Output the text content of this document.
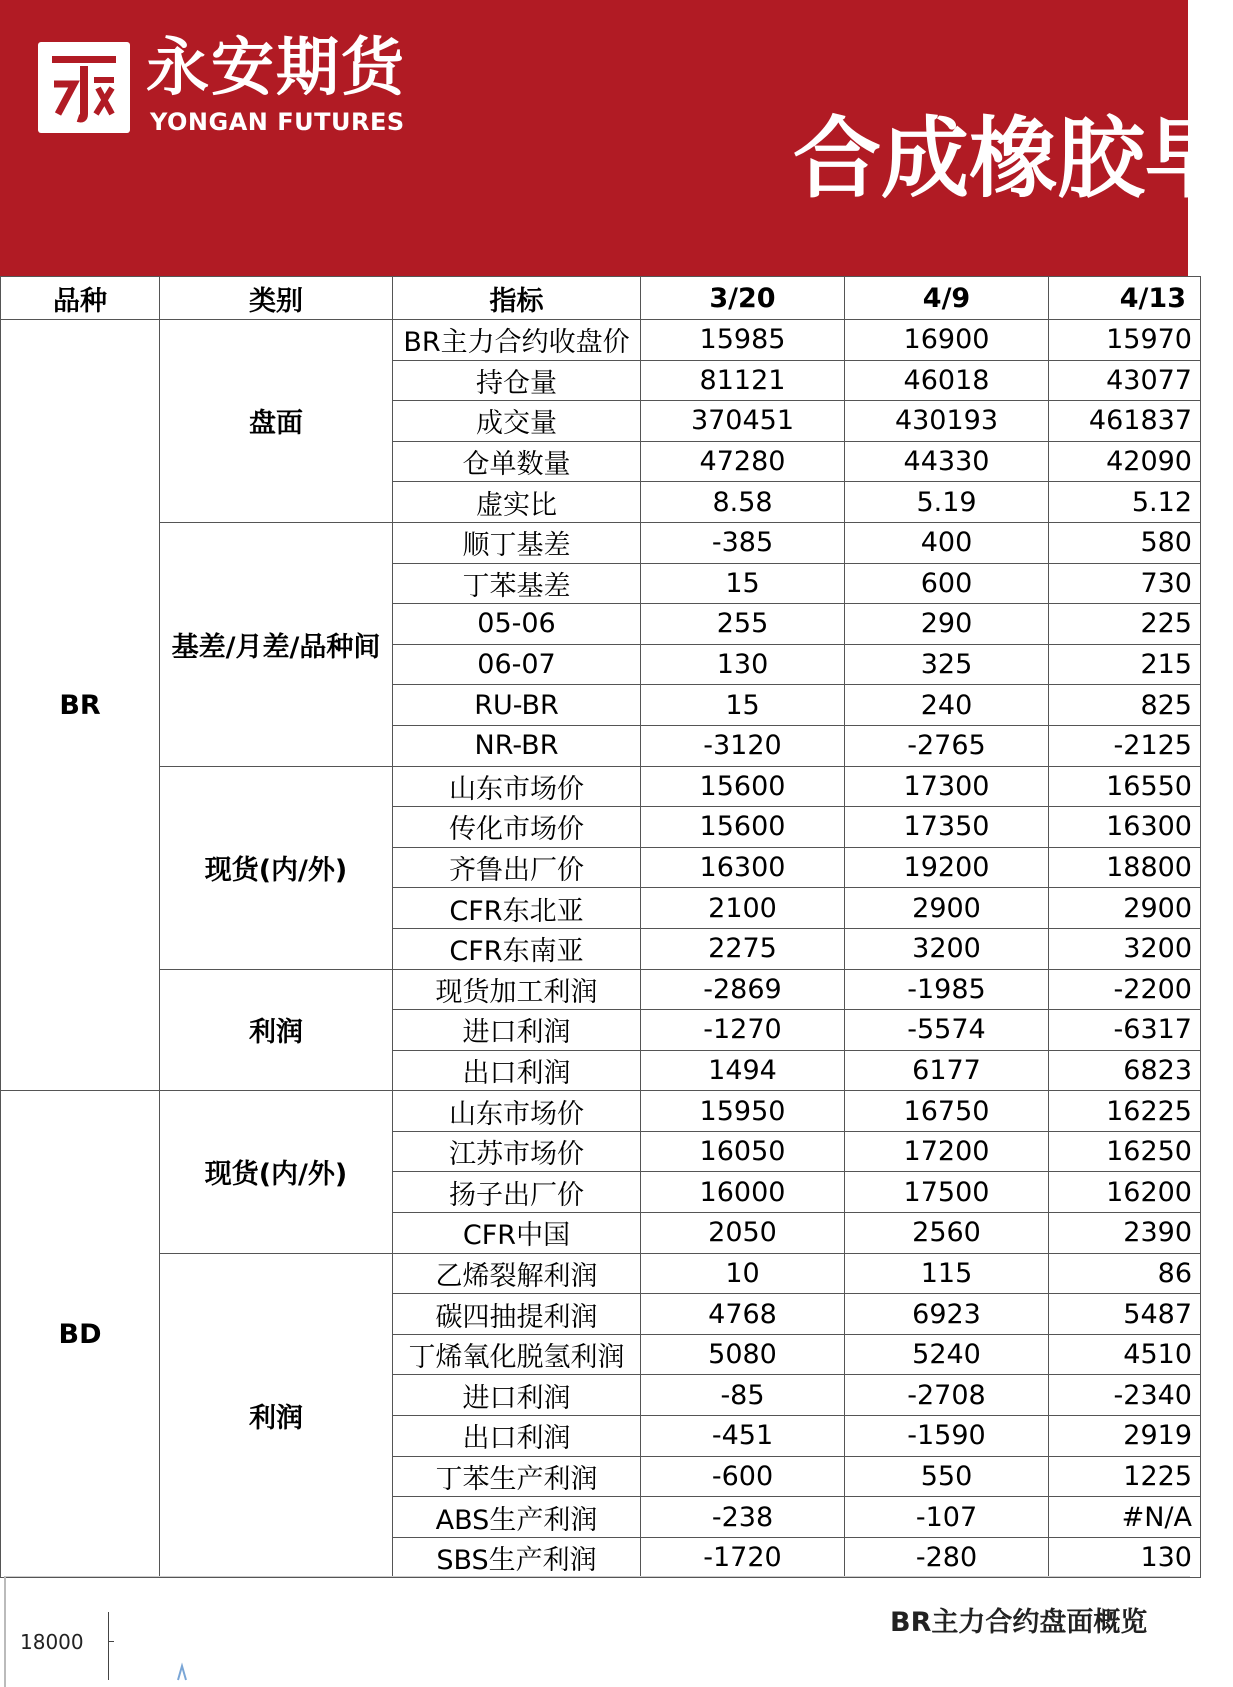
永安期货
YONGAN FUTURES	合成橡胶早
品种	类别	指标	3/20	4/9	4/13
BR	盘面	BR主力合约收盘价	15985	16900	15970
		持仓量	81121	46018	43077
		成交量	370451	430193	461837
		仓单数量	47280	44330	42090
		虚实比	8.58	5.19	5.12
	基差/月差/品种间	顺丁基差	-385	400	580
		丁苯基差	15	600	730
		05-06	255	290	225
		06-07	130	325	215
		RU-BR	15	240	825
		NR-BR	-3120	-2765	-2125
	现货(内/外)	山东市场价	15600	17300	16550
		传化市场价	15600	17350	16300
		齐鲁出厂价	16300	19200	18800
		CFR东北亚	2100	2900	2900
		CFR东南亚	2275	3200	3200
	利润	现货加工利润	-2869	-1985	-2200
		进口利润	-1270	-5574	-6317
		出口利润	1494	6177	6823
BD	现货(内/外)	山东市场价	15950	16750	16225
		江苏市场价	16050	17200	16250
		扬子出厂价	16000	17500	16200
		CFR中国	2050	2560	2390
	利润	乙烯裂解利润	10	115	86
		碳四抽提利润	4768	6923	5487
		丁烯氧化脱氢利润	5080	5240	4510
		进口利润	-85	-2708	-2340
		出口利润	-451	-1590	2919
		丁苯生产利润	-600	550	1225
		ABS生产利润	-238	-107	#N/A
		SBS生产利润	-1720	-280	130
BR主力合约盘面概览
18000
